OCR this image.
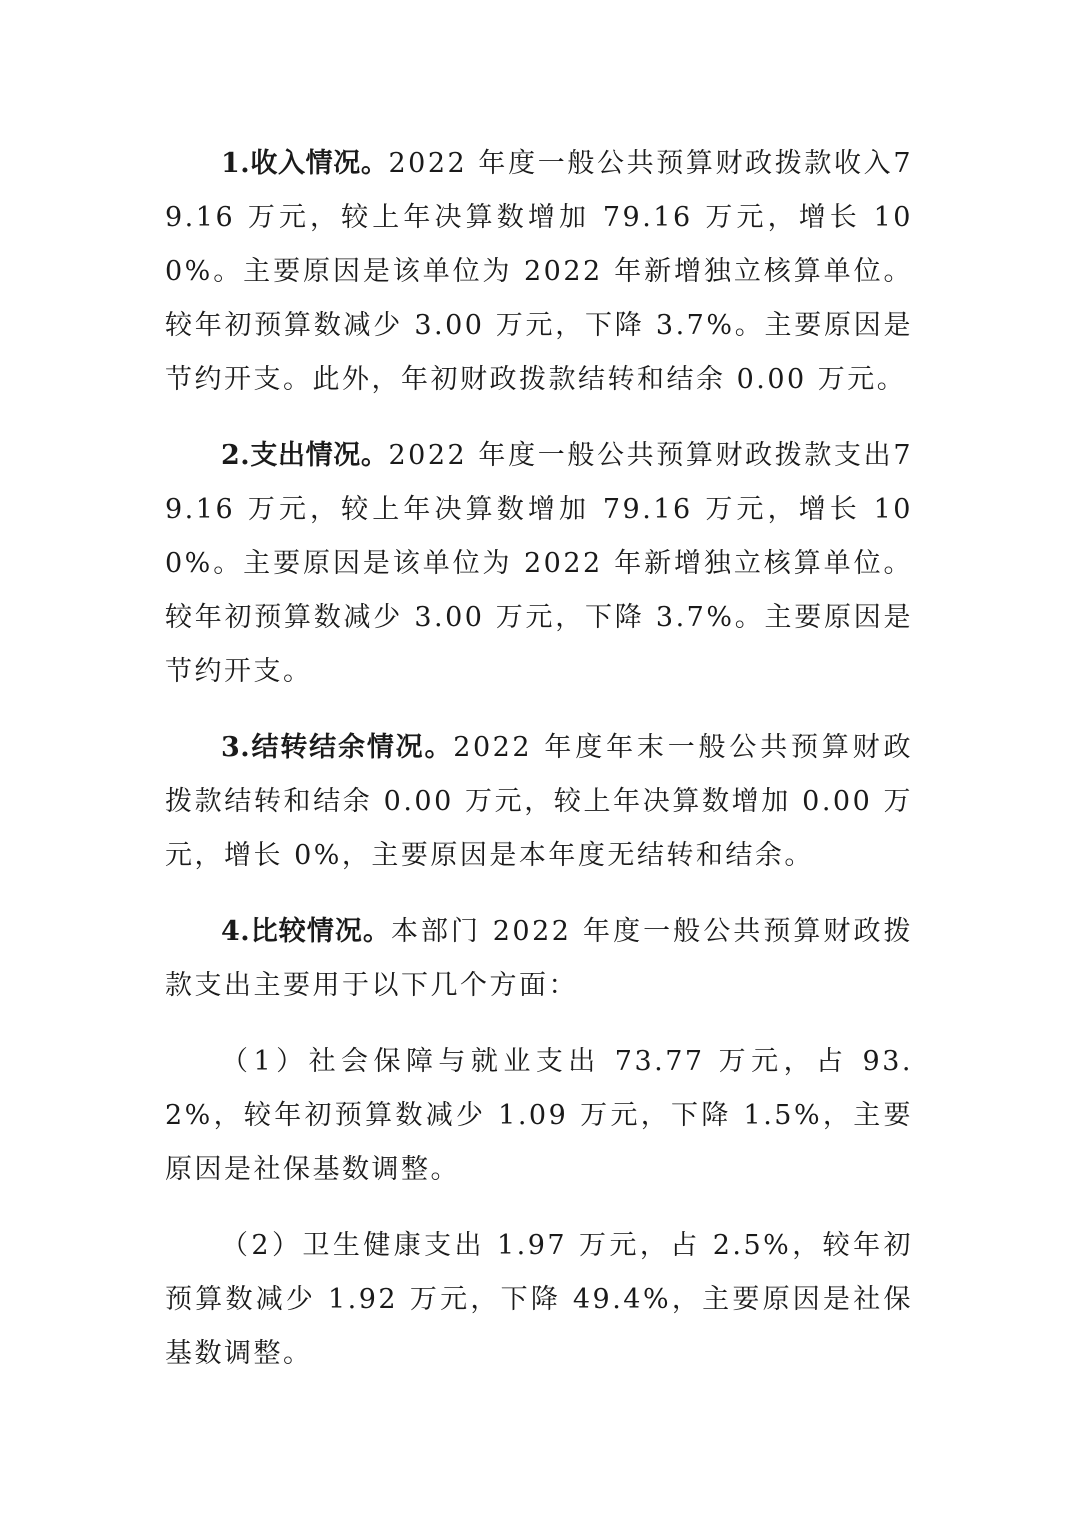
1.收入情况。2022 年度一般公共预算财政拨款收入79.16 万元，较上年决算数增加 79.16 万元，增长 100%。主要原因是该单位为 2022 年新增独立核算单位。较年初预算数减少 3.00 万元，下降 3.7%。主要原因是节约开支。此外，年初财政拨款结转和结余 0.00 万元。

2.支出情况。2022 年度一般公共预算财政拨款支出79.16 万元，较上年决算数增加 79.16 万元，增长 100%。主要原因是该单位为 2022 年新增独立核算单位。较年初预算数减少 3.00 万元，下降 3.7%。主要原因是节约开支。

3.结转结余情况。2022 年度年末一般公共预算财政拨款结转和结余 0.00 万元，较上年决算数增加 0.00 万元，增长 0%，主要原因是本年度无结转和结余。

4.比较情况。本部门 2022 年度一般公共预算财政拨款支出主要用于以下几个方面：

（1）社会保障与就业支出 73.77 万元，占 93.2%，较年初预算数减少 1.09 万元，下降 1.5%，主要原因是社保基数调整。

（2）卫生健康支出 1.97 万元，占 2.5%，较年初预算数减少 1.92 万元，下降 49.4%，主要原因是社保基数调整。
